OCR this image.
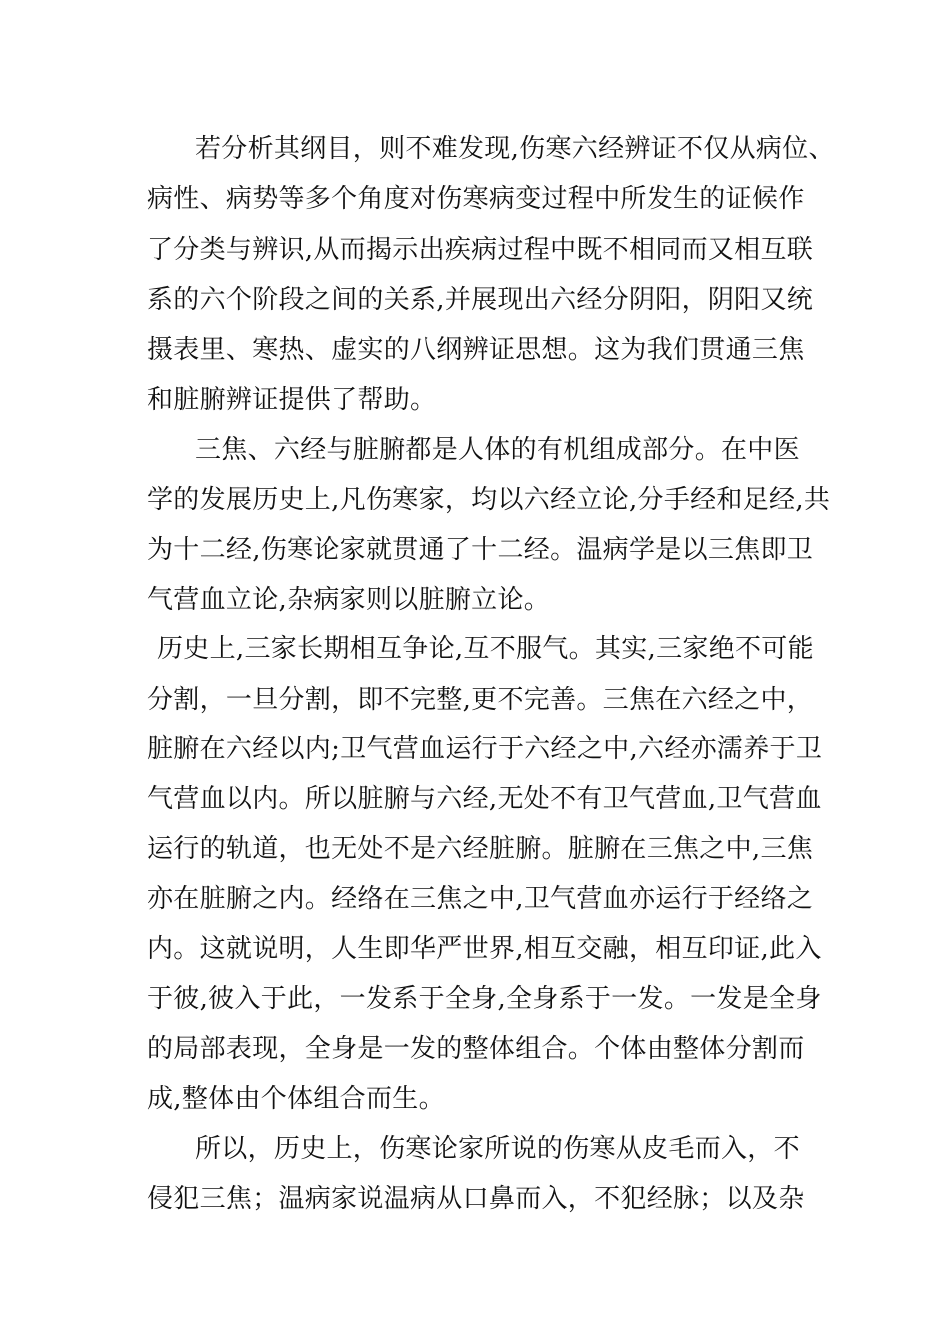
若分析其纲目，则不难发现,伤寒六经辨证不仅从病位、
病性、病势等多个角度对伤寒病变过程中所发生的证候作
了分类与辨识,从而揭示出疾病过程中既不相同而又相互联
系的六个阶段之间的关系,并展现出六经分阴阳，阴阳又统
摄表里、寒热、虚实的八纲辨证思想。这为我们贯通三焦
和脏腑辨证提供了帮助。
三焦、六经与脏腑都是人体的有机组成部分。在中医
学的发展历史上,凡伤寒家，均以六经立论,分手经和足经,共
为十二经,伤寒论家就贯通了十二经。温病学是以三焦即卫
气营血立论,杂病家则以脏腑立论。
历史上,三家长期相互争论,互不服气。其实,三家绝不可能
分割，一旦分割，即不完整,更不完善。三焦在六经之中，
脏腑在六经以内;卫气营血运行于六经之中,六经亦濡养于卫
气营血以内。所以脏腑与六经,无处不有卫气营血,卫气营血
运行的轨道，也无处不是六经脏腑。脏腑在三焦之中,三焦
亦在脏腑之内。经络在三焦之中,卫气营血亦运行于经络之
内。这就说明，人生即华严世界,相互交融，相互印证,此入
于彼,彼入于此，一发系于全身,全身系于一发。一发是全身
的局部表现，全身是一发的整体组合。个体由整体分割而
成,整体由个体组合而生。
所以，历史上，伤寒论家所说的伤寒从皮毛而入，不
侵犯三焦；温病家说温病从口鼻而入，不犯经脉；以及杂
